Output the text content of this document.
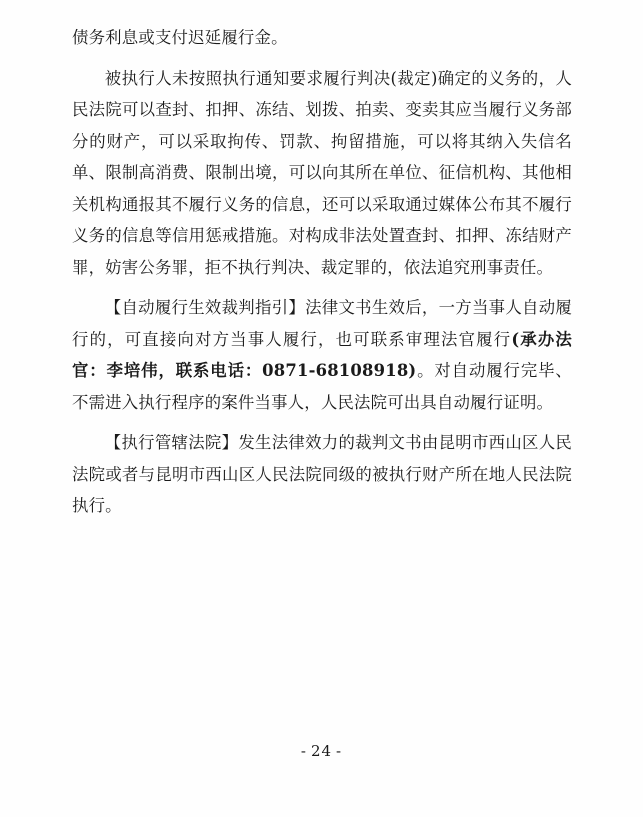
债务利息或支付迟延履行金。

被执行人未按照执行通知要求履行判决(裁定)确定的义务的，人民法院可以查封、扣押、冻结、划拨、拍卖、变卖其应当履行义务部分的财产，可以采取拘传、罚款、拘留措施，可以将其纳入失信名单、限制高消费、限制出境，可以向其所在单位、征信机构、其他相关机构通报其不履行义务的信息，还可以采取通过媒体公布其不履行义务的信息等信用惩戒措施。对构成非法处置查封、扣押、冻结财产罪，妨害公务罪，拒不执行判决、裁定罪的，依法追究刑事责任。

【自动履行生效裁判指引】法律文书生效后，一方当事人自动履行的，可直接向对方当事人履行，也可联系审理法官履行(承办法官：李培伟，联系电话：0871-68108918)。对自动履行完毕、不需进入执行程序的案件当事人，人民法院可出具自动履行证明。

【执行管辖法院】发生法律效力的裁判文书由昆明市西山区人民法院或者与昆明市西山区人民法院同级的被执行财产所在地人民法院执行。

- 24 -
